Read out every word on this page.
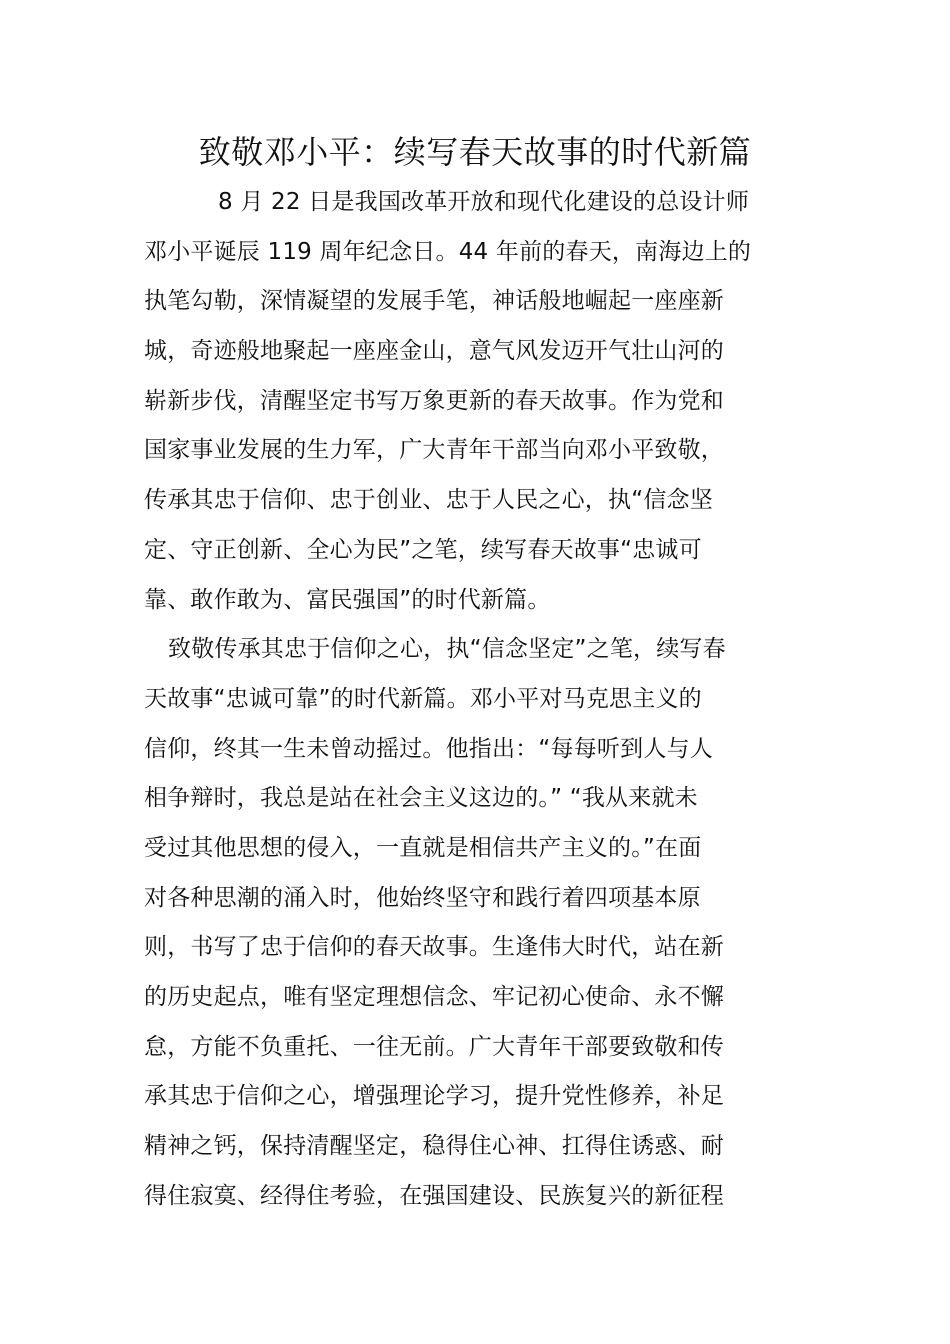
致敬邓小平：续写春天故事的时代新篇
8 月 22 日是我国改革开放和现代化建设的总设计师
邓小平诞辰 119 周年纪念日。44 年前的春天，南海边上的
执笔勾勒，深情凝望的发展手笔，神话般地崛起一座座新
城，奇迹般地聚起一座座金山，意气风发迈开气壮山河的
崭新步伐，清醒坚定书写万象更新的春天故事。作为党和
国家事业发展的生力军，广大青年干部当向邓小平致敬，
传承其忠于信仰、忠于创业、忠于人民之心，执“信念坚
定、守正创新、全心为民”之笔，续写春天故事“忠诚可
靠、敢作敢为、富民强国”的时代新篇。
致敬传承其忠于信仰之心，执“信念坚定”之笔，续写春
天故事“忠诚可靠”的时代新篇。邓小平对马克思主义的
信仰，终其一生未曾动摇过。他指出：“每每听到人与人
相争辩时，我总是站在社会主义这边的。” “我从来就未
受过其他思想的侵入，一直就是相信共产主义的。”在面
对各种思潮的涌入时，他始终坚守和践行着四项基本原
则，书写了忠于信仰的春天故事。生逢伟大时代，站在新
的历史起点，唯有坚定理想信念、牢记初心使命、永不懈
怠，方能不负重托、一往无前。广大青年干部要致敬和传
承其忠于信仰之心，增强理论学习，提升党性修养，补足
精神之钙，保持清醒坚定，稳得住心神、扛得住诱惑、耐
得住寂寞、经得住考验，在强国建设、民族复兴的新征程
